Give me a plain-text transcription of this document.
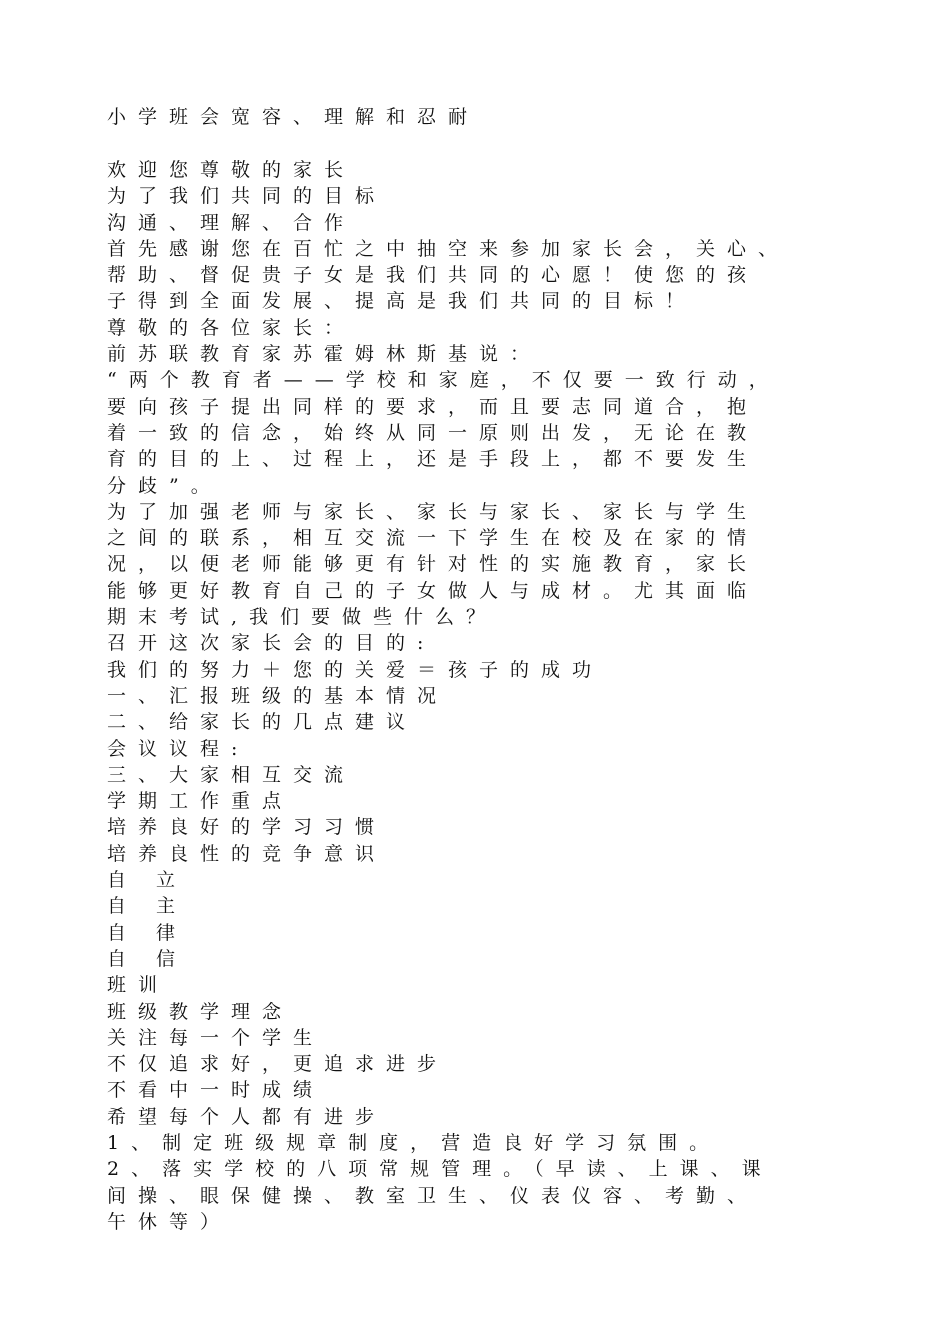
小学班会宽容、理解和忍耐
欢迎您尊敬的家长
为了我们共同的目标
沟通、理解、合作
首先感谢您在百忙之中抽空来参加家长会，关心、
帮助、督促贵子女是我们共同的心愿！使您的孩
子得到全面发展、提高是我们共同的目标！
尊敬的各位家长：
前苏联教育家苏霍姆林斯基说：
“两个教育者——学校和家庭，不仅要一致行动，
要向孩子提出同样的要求，而且要志同道合，抱
着一致的信念，始终从同一原则出发，无论在教
育的目的上、过程上，还是手段上，都不要发生
分歧”。
为了加强老师与家长、家长与家长、家长与学生
之间的联系，相互交流一下学生在校及在家的情
况，以便老师能够更有针对性的实施教育，家长
能够更好教育自己的子女做人与成材。尤其面临
期末考试,我们要做些什么？
召开这次家长会的目的:
我们的努力＋您的关爱＝孩子的成功
一、汇报班级的基本情况
二、给家长的几点建议
会议议程:
三、大家相互交流
学期工作重点
培养良好的学习习惯
培养良性的竞争意识
自 立
自 主
自 律
自 信
班训
班级教学理念
关注每一个学生
不仅追求好，更追求进步
不看中一时成绩
希望每个人都有进步
1、制定班级规章制度，营造良好学习氛围。
2、落实学校的八项常规管理。（早读、上课、课
间操、眼保健操、教室卫生、仪表仪容、考勤、
午休等）
